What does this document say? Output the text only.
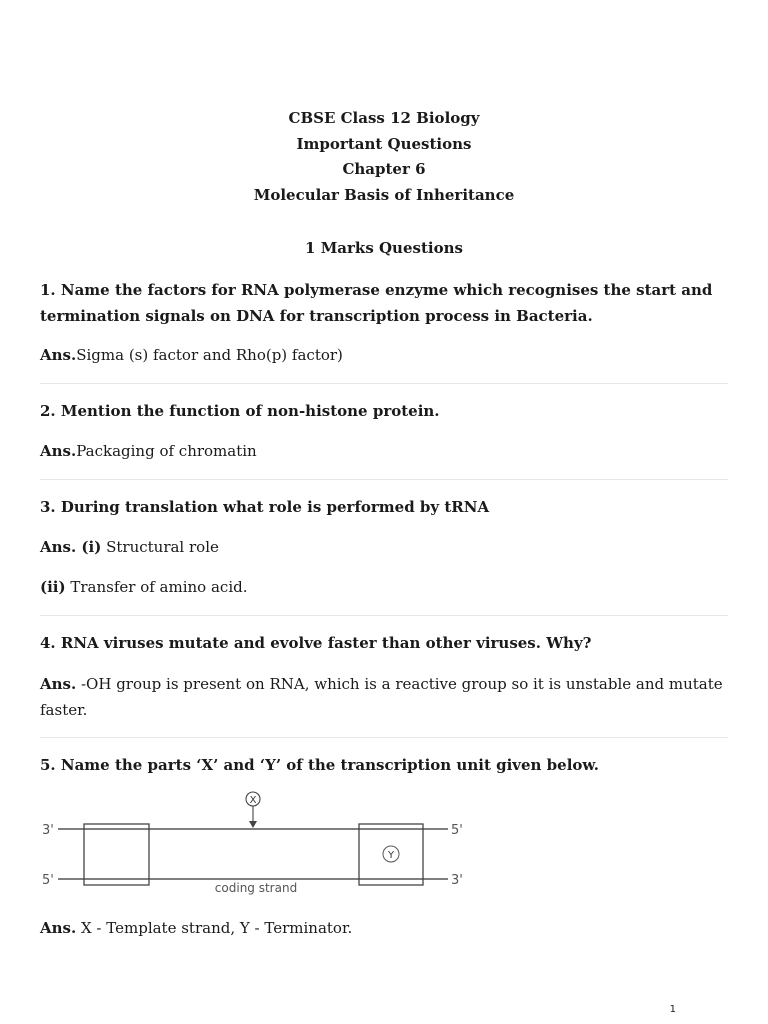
CBSE Class 12 Biology
Important Questions
Chapter 6
Molecular Basis of Inheritance
1 Marks Questions
1. Name the factors for RNA polymerase enzyme which recognises the start and termination signals on DNA for transcription process in Bacteria.
Ans.Sigma (s) factor and Rho(p) factor)
2. Mention the function of non-histone protein.
Ans.Packaging of chromatin
3. During translation what role is performed by tRNA
Ans. (i) Structural role
(ii) Transfer of amino acid.
4. RNA viruses mutate and evolve faster than other viruses. Why?
Ans. -OH group is present on RNA, which is a reactive group so it is unstable and mutate faster.
5. Name the parts ‘X’ and ‘Y’ of the transcription unit given below.
X
Y
3'
5'
5'
3'
coding strand
Ans. X - Template strand, Y - Terminator.
1
